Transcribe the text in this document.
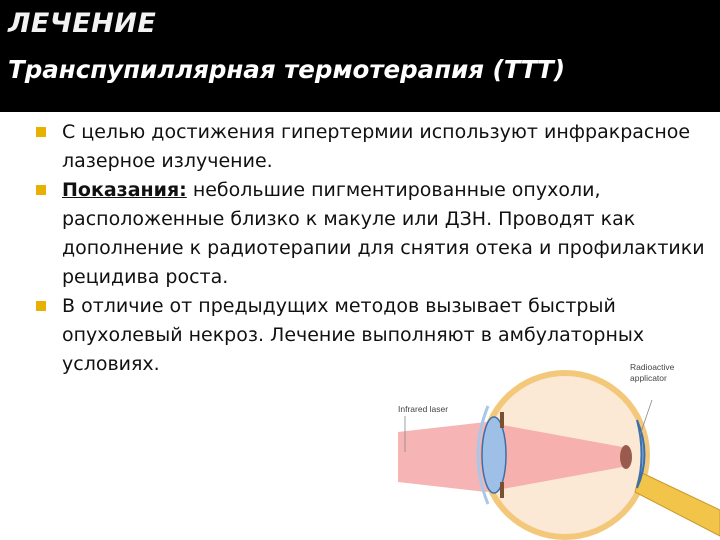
ЛЕЧЕНИЕ
Транспупиллярная термотерапия (ТТТ)
С целью достижения гипертермии используют инфракрасное лазерное излучение.
Показания: небольшие пигментированные опухоли, расположенные близко к макуле или ДЗН. Проводят как дополнение к радиотерапии для снятия отека и профилактики рецидива роста.
В отличие от предыдущих методов вызывает быстрый опухолевый некроз. Лечение выполняют в амбулаторных условиях.
Infrared laser
Radioactive
applicator
